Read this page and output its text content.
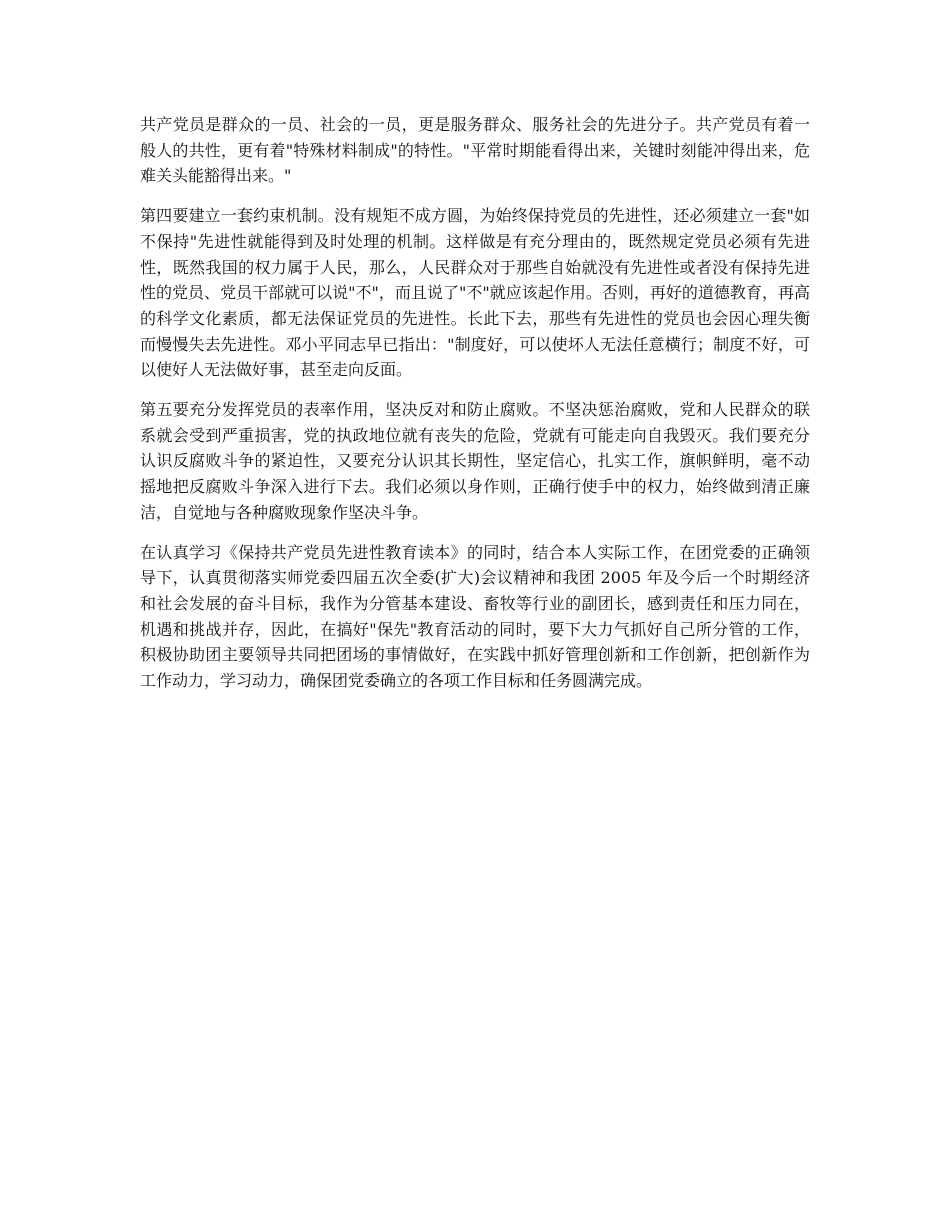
共产党员是群众的一员、社会的一员，更是服务群众、服务社会的先进分子。共产党员有着一般人的共性，更有着"特殊材料制成"的特性。"平常时期能看得出来，关键时刻能冲得出来，危难关头能豁得出来。"

第四要建立一套约束机制。没有规矩不成方圆，为始终保持党员的先进性，还必须建立一套"如不保持"先进性就能得到及时处理的机制。这样做是有充分理由的，既然规定党员必须有先进性，既然我国的权力属于人民，那么，人民群众对于那些自始就没有先进性或者没有保持先进性的党员、党员干部就可以说"不"，而且说了"不"就应该起作用。否则，再好的道德教育，再高的科学文化素质，都无法保证党员的先进性。长此下去，那些有先进性的党员也会因心理失衡而慢慢失去先进性。邓小平同志早已指出："制度好，可以使坏人无法任意横行；制度不好，可以使好人无法做好事，甚至走向反面。

第五要充分发挥党员的表率作用，坚决反对和防止腐败。不坚决惩治腐败，党和人民群众的联系就会受到严重损害，党的执政地位就有丧失的危险，党就有可能走向自我毁灭。我们要充分认识反腐败斗争的紧迫性，又要充分认识其长期性，坚定信心，扎实工作，旗帜鲜明，毫不动摇地把反腐败斗争深入进行下去。我们必须以身作则，正确行使手中的权力，始终做到清正廉洁，自觉地与各种腐败现象作坚决斗争。

在认真学习《保持共产党员先进性教育读本》的同时，结合本人实际工作，在团党委的正确领导下，认真贯彻落实师党委四届五次全委(扩大)会议精神和我团 2005 年及今后一个时期经济和社会发展的奋斗目标，我作为分管基本建设、畜牧等行业的副团长，感到责任和压力同在，机遇和挑战并存，因此，在搞好"保先"教育活动的同时，要下大力气抓好自己所分管的工作，积极协助团主要领导共同把团场的事情做好，在实践中抓好管理创新和工作创新，把创新作为工作动力，学习动力，确保团党委确立的各项工作目标和任务圆满完成。
